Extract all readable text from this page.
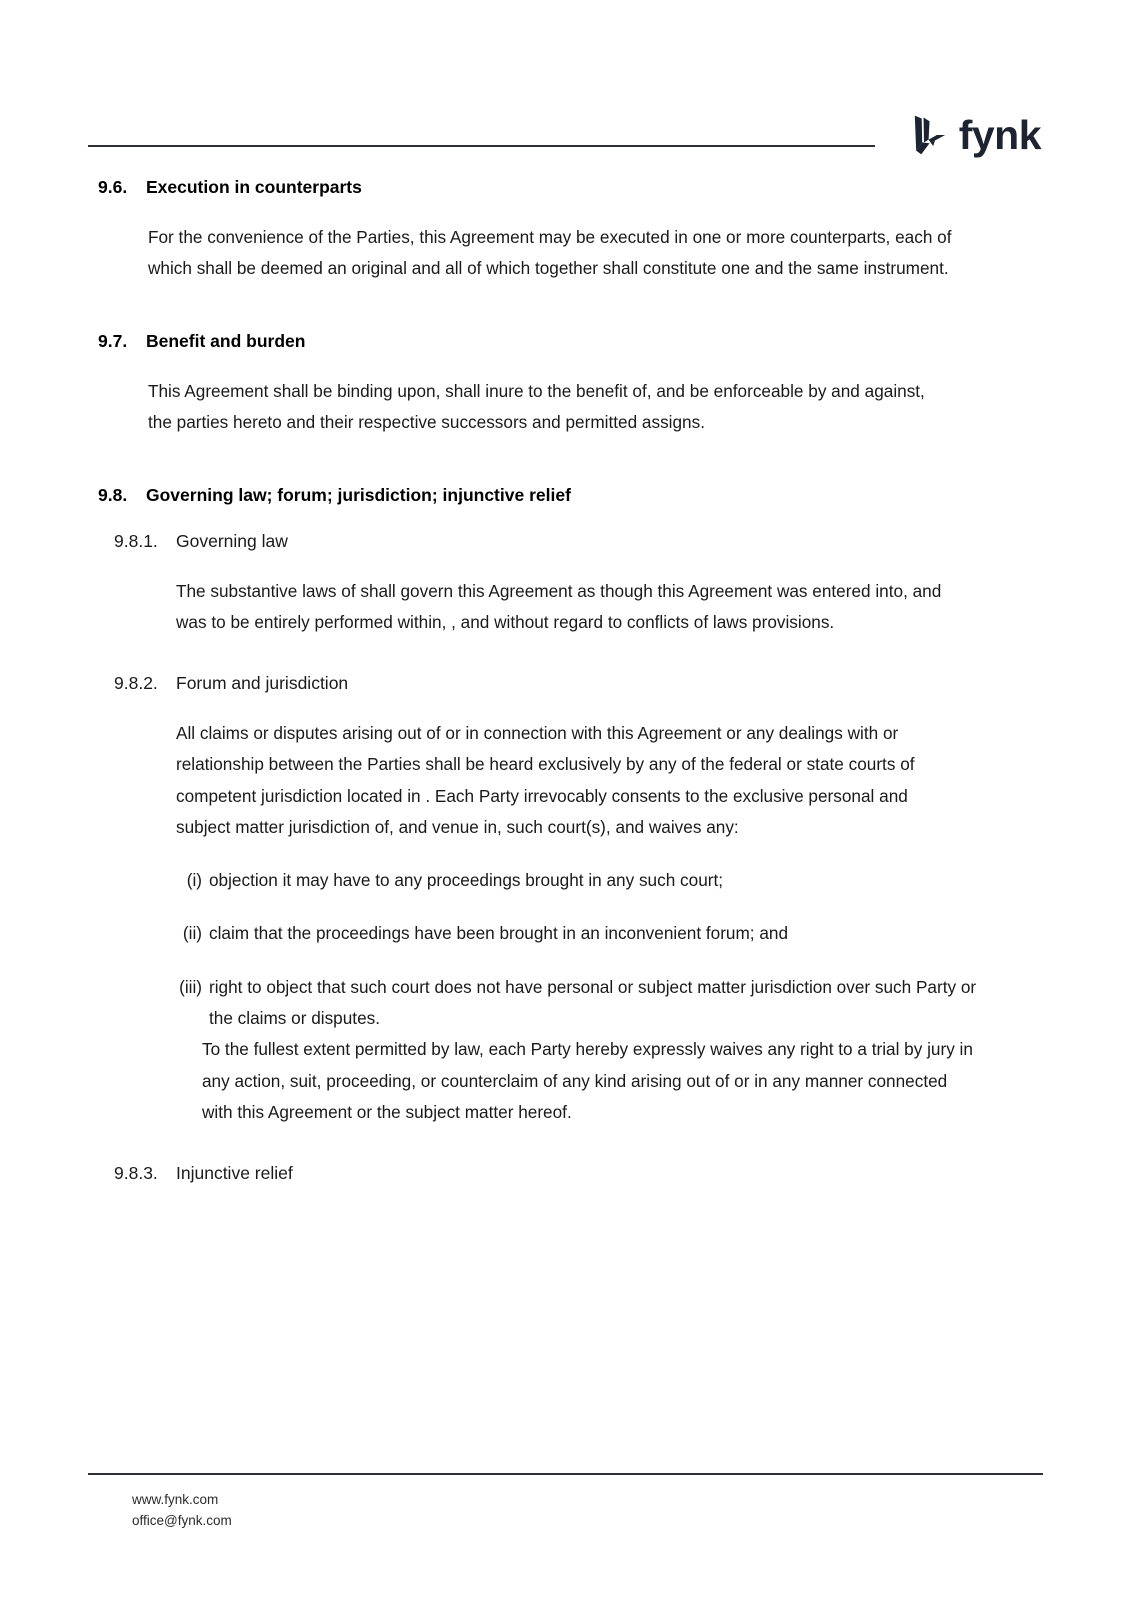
fynk
9.6.	Execution in counterparts

For the convenience of the Parties, this Agreement may be executed in one or more counterparts, each of which shall be deemed an original and all of which together shall constitute one and the same instrument.

9.7.	Benefit and burden

This Agreement shall be binding upon, shall inure to the benefit of, and be enforceable by and against, the parties hereto and their respective successors and permitted assigns.

9.8.	Governing law; forum; jurisdiction; injunctive relief
9.8.1.	Governing law

The substantive laws of shall govern this Agreement as though this Agreement was entered into, and was to be entirely performed within, , and without regard to conflicts of laws provisions.

9.8.2.	Forum and jurisdiction

All claims or disputes arising out of or in connection with this Agreement or any dealings with or relationship between the Parties shall be heard exclusively by any of the federal or state courts of competent jurisdiction located in . Each Party irrevocably consents to the exclusive personal and subject matter jurisdiction of, and venue in, such court(s), and waives any:

(i) objection it may have to any proceedings brought in any such court;
(ii) claim that the proceedings have been brought in an inconvenient forum; and
(iii) right to object that such court does not have personal or subject matter jurisdiction over such Party or the claims or disputes.

To the fullest extent permitted by law, each Party hereby expressly waives any right to a trial by jury in any action, suit, proceeding, or counterclaim of any kind arising out of or in any manner connected with this Agreement or the subject matter hereof.

9.8.3.	Injunctive relief
www.fynk.com
office@fynk.com
